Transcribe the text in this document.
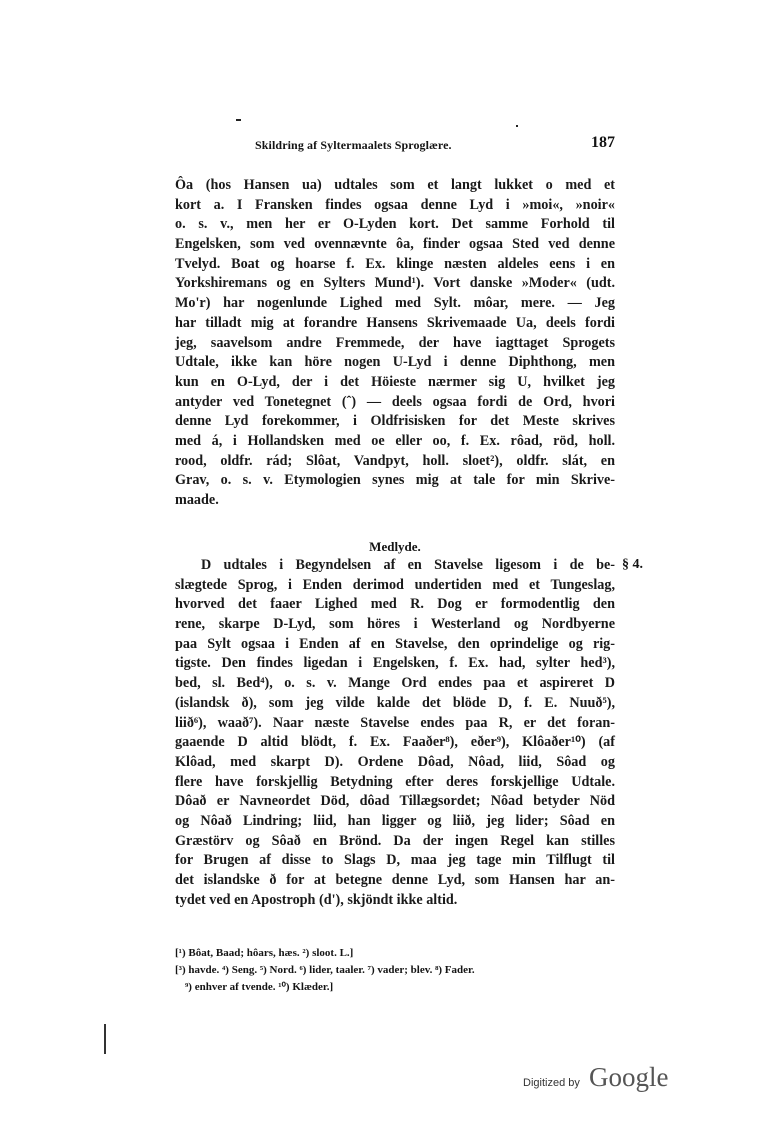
Skildring af Syltermaalets Sproglære.	187
Ôa (hos Hansen ua) udtales som et langt lukket o med et
kort a. I Fransken findes ogsaa denne Lyd i »moi«, »noir«
o. s. v., men her er O-Lyden kort. Det samme Forhold til
Engelsken, som ved ovennævnte ôa, finder ogsaa Sted ved denne
Tvelyd. Boat og hoarse f. Ex. klinge næsten aldeles eens i en
Yorkshiremans og en Sylters Mund¹). Vort danske »Moder« (udt.
Mo'r) har nogenlunde Lighed med Sylt. môar, mere. — Jeg
har tilladt mig at forandre Hansens Skrivemaade Ua, deels fordi
jeg, saavelsom andre Fremmede, der have iagttaget Sprogets
Udtale, ikke kan höre nogen U-Lyd i denne Diphthong, men
kun en O-Lyd, der i det Höieste nærmer sig U, hvilket jeg
antyder ved Tonetegnet (ˆ) — deels ogsaa fordi de Ord, hvori
denne Lyd forekommer, i Oldfrisisken for det Meste skrives
med á, i Hollandsken med oe eller oo, f. Ex. rôad, röd, holl.
rood, oldfr. rád; Slôat, Vandpyt, holl. sloet²), oldfr. slát, en
Grav, o. s. v. Etymologien synes mig at tale for min Skrive-
maade.
Medlyde.
§ 4.
D udtales i Begyndelsen af en Stavelse ligesom i de be-
slægtede Sprog, i Enden derimod undertiden med et Tungeslag,
hvorved det faaer Lighed med R. Dog er formodentlig den
rene, skarpe D-Lyd, som höres i Westerland og Nordbyerne
paa Sylt ogsaa i Enden af en Stavelse, den oprindelige og rig-
tigste. Den findes ligedan i Engelsken, f. Ex. had, sylter hed³),
bed, sl. Bed⁴), o. s. v. Mange Ord endes paa et aspireret D
(islandsk ð), som jeg vilde kalde det blöde D, f. E. Nuuð⁵),
liið⁶), waað⁷). Naar næste Stavelse endes paa R, er det foran-
gaaende D altid blödt, f. Ex. Faaðer⁸), eðer⁹), Klôaðer¹⁰) (af
Klôad, med skarpt D). Ordene Dôad, Nôad, liid, Sôad og
flere have forskjellig Betydning efter deres forskjellige Udtale.
Dôað er Navneordet Död, dôad Tillægsordet; Nôad betyder Nöd
og Nôað Lindring; liid, han ligger og liið, jeg lider; Sôad en
Græstörv og Sôað en Brönd. Da der ingen Regel kan stilles
for Brugen af disse to Slags D, maa jeg tage min Tilflugt til
det islandske ð for at betegne denne Lyd, som Hansen har an-
tydet ved en Apostroph (d'), skjöndt ikke altid.
[¹) Bôat, Baad; hôars, hæs. ²) sloot. L.]
[³) havde. ⁴) Seng. ⁵) Nord. ⁶) lider, taaler. ⁷) vader; blev. ⁸) Fader.
⁹) enhver af tvende. ¹⁰) Klæder.]
Digitized by Google
